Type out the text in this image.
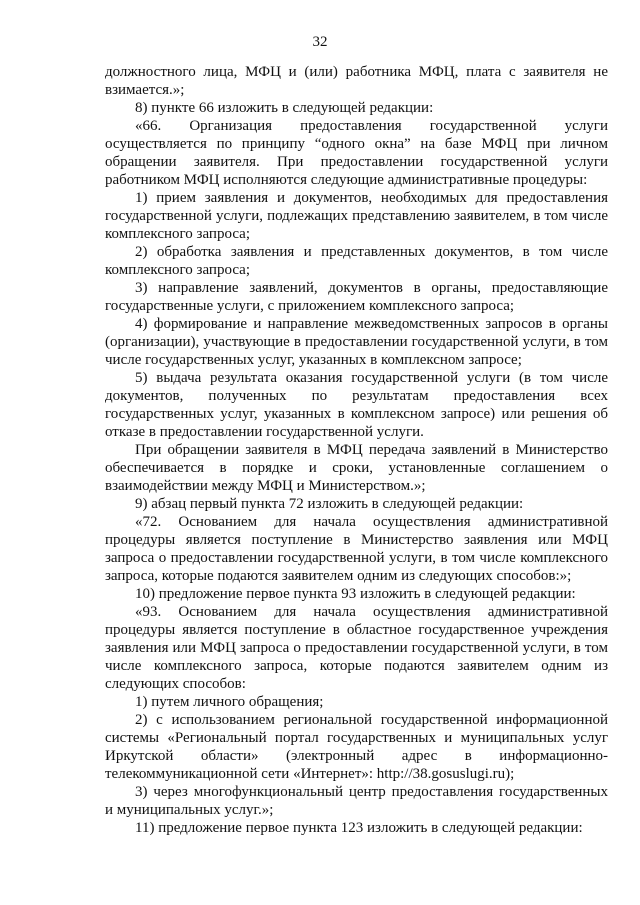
32

должностного лица, МФЦ и (или) работника МФЦ, плата с заявителя не взимается.»;

8) пункте 66 изложить в следующей редакции:

«66. Организация предоставления государственной услуги осуществляется по принципу “одного окна” на базе МФЦ при личном обращении заявителя. При предоставлении государственной услуги работником МФЦ исполняются следующие административные процедуры:

1) прием заявления и документов, необходимых для предоставления государственной услуги, подлежащих представлению заявителем, в том числе комплексного запроса;

2) обработка заявления и представленных документов, в том числе комплексного запроса;

3) направление заявлений, документов в органы, предоставляющие государственные услуги, с приложением комплексного запроса;

4) формирование и направление межведомственных запросов в органы (организации), участвующие в предоставлении государственной услуги, в том числе государственных услуг, указанных в комплексном запросе;

5) выдача результата оказания государственной услуги (в том числе документов, полученных по результатам предоставления всех государственных услуг, указанных в комплексном запросе) или решения об отказе в предоставлении государственной услуги.

При обращении заявителя в МФЦ передача заявлений в Министерство обеспечивается в порядке и сроки, установленные соглашением о взаимодействии между МФЦ и Министерством.»;

9) абзац первый пункта 72 изложить в следующей редакции:

«72. Основанием для начала осуществления административной процедуры является поступление в Министерство заявления или МФЦ запроса о предоставлении государственной услуги, в том числе комплексного запроса, которые подаются заявителем одним из следующих способов:»;

10) предложение первое пункта 93 изложить в следующей редакции:

«93. Основанием для начала осуществления административной процедуры является поступление в областное государственное учреждения заявления или МФЦ запроса о предоставлении государственной услуги, в том числе комплексного запроса, которые подаются заявителем одним из следующих способов:

1) путем личного обращения;

2) с использованием региональной государственной информационной системы «Региональный портал государственных и муниципальных услуг Иркутской области» (электронный адрес в информационно-телекоммуникационной сети «Интернет»: http://38.gosuslugi.ru);

3) через многофункциональный центр предоставления государственных и муниципальных услуг.»;

11) предложение первое пункта 123 изложить в следующей редакции:
